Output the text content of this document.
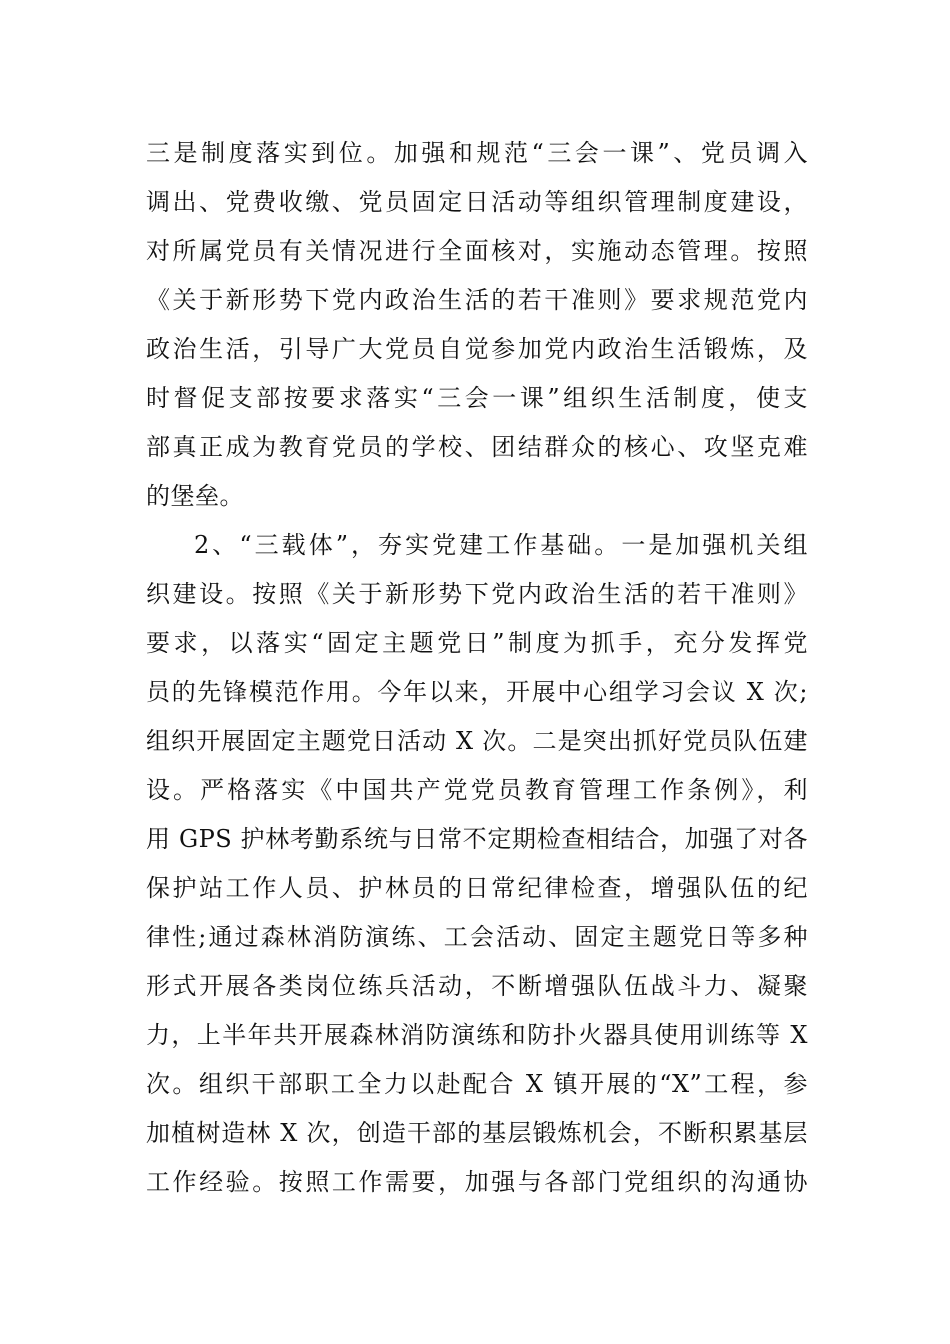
三是制度落实到位。加强和规范“三会一课”、党员调入
调出、党费收缴、党员固定日活动等组织管理制度建设，
对所属党员有关情况进行全面核对，实施动态管理。按照
《关于新形势下党内政治生活的若干准则》要求规范党内
政治生活，引导广大党员自觉参加党内政治生活锻炼，及
时督促支部按要求落实“三会一课”组织生活制度，使支
部真正成为教育党员的学校、团结群众的核心、攻坚克难
的堡垒。
2、“三载体”，夯实党建工作基础。一是加强机关组
织建设。按照《关于新形势下党内政治生活的若干准则》
要求，以落实“固定主题党日”制度为抓手，充分发挥党
员的先锋模范作用。今年以来，开展中心组学习会议 X 次;
组织开展固定主题党日活动 X 次。二是突出抓好党员队伍建
设。严格落实《中国共产党党员教育管理工作条例》，利
用 GPS 护林考勤系统与日常不定期检查相结合，加强了对各
保护站工作人员、护林员的日常纪律检查，增强队伍的纪
律性;通过森林消防演练、工会活动、固定主题党日等多种
形式开展各类岗位练兵活动，不断增强队伍战斗力、凝聚
力，上半年共开展森林消防演练和防扑火器具使用训练等 X
次。组织干部职工全力以赴配合 X 镇开展的“X”工程，参
加植树造林 X 次，创造干部的基层锻炼机会，不断积累基层
工作经验。按照工作需要，加强与各部门党组织的沟通协
